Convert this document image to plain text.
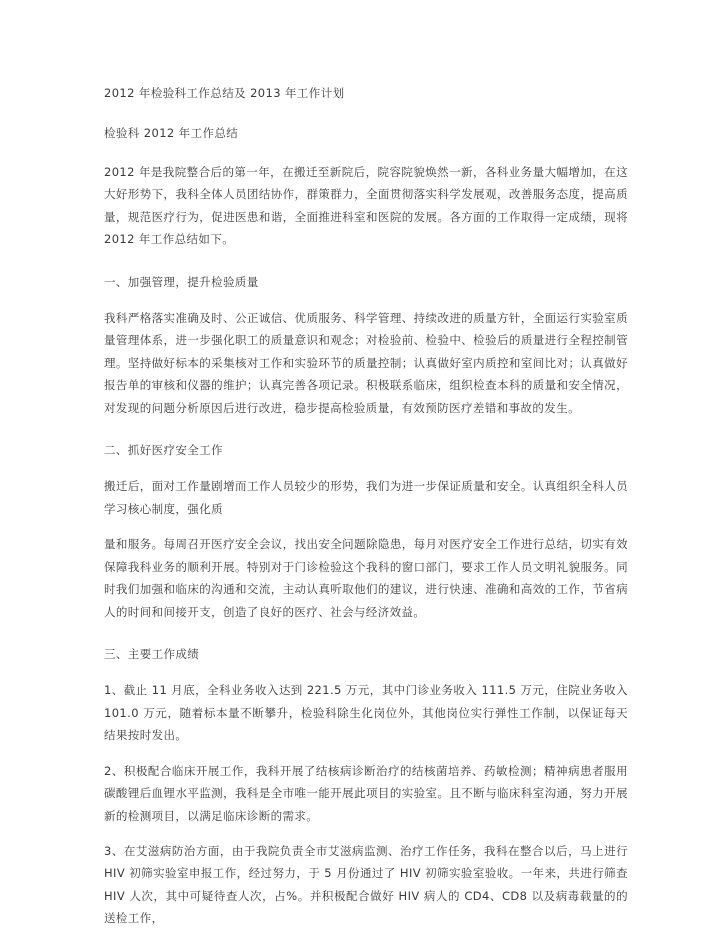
2012 年检验科工作总结及 2013 年工作计划

检验科 2012 年工作总结

2012 年是我院整合后的第一年，在搬迁至新院后，院容院貌焕然一新，各科业务量大幅增加，在这大好形势下，我科全体人员团结协作，群策群力，全面贯彻落实科学发展观，改善服务态度，提高质量，规范医疗行为，促进医患和谐，全面推进科室和医院的发展。各方面的工作取得一定成绩，现将 2012 年工作总结如下。

一、加强管理，提升检验质量

我科严格落实准确及时、公正诚信、优质服务、科学管理、持续改进的质量方针，全面运行实验室质量管理体系，进一步强化职工的质量意识和观念；对检验前、检验中、检验后的质量进行全程控制管理。坚持做好标本的采集核对工作和实验环节的质量控制；认真做好室内质控和室间比对；认真做好报告单的审核和仪器的维护；认真完善各项记录。积极联系临床，组织检查本科的质量和安全情况，对发现的问题分析原因后进行改进，稳步提高检验质量，有效预防医疗差错和事故的发生。

二、抓好医疗安全工作

搬迁后，面对工作量剧增而工作人员较少的形势，我们为进一步保证质量和安全。认真组织全科人员学习核心制度，强化质

量和服务。每周召开医疗安全会议，找出安全问题除隐患，每月对医疗安全工作进行总结，切实有效保障我科业务的顺利开展。特别对于门诊检验这个我科的窗口部门，要求工作人员文明礼貌服务。同时我们加强和临床的沟通和交流，主动认真听取他们的建议，进行快速、准确和高效的工作，节省病人的时间和间接开支，创造了良好的医疗、社会与经济效益。

三、主要工作成绩

1、截止 11 月底，全科业务收入达到 221.5 万元，其中门诊业务收入 111.5 万元，住院业务收入 101.0 万元，随着标本量不断攀升，检验科除生化岗位外，其他岗位实行弹性工作制，以保证每天结果按时发出。

2、积极配合临床开展工作，我科开展了结核病诊断治疗的结核菌培养、药敏检测；精神病患者服用碳酸锂后血锂水平监测，我科是全市唯一能开展此项目的实验室。且不断与临床科室沟通，努力开展新的检测项目，以满足临床诊断的需求。

3、在艾滋病防治方面，由于我院负责全市艾滋病监测、治疗工作任务，我科在整合以后，马上进行 HIV 初筛实验室申报工作，经过努力，于 5 月份通过了 HIV 初筛实验室验收。一年来，共进行筛查 HIV 人次，其中可疑待查人次，占%。并积极配合做好 HIV 病人的 CD4、CD8 以及病毒载量的的送检工作，
